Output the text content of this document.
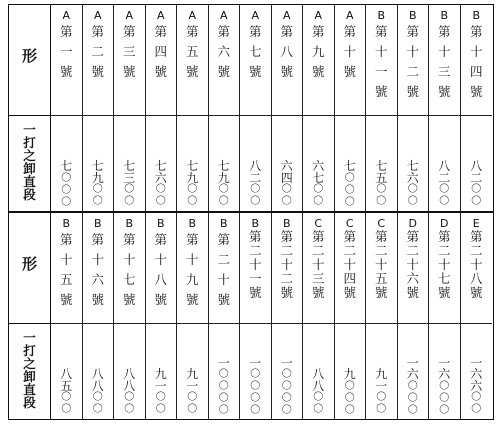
形
一
打
之
卸
直
段
A
第
一
號
七
〇
〇
〇
A
第
二
號
七
九
〇
〇
A
第
三
號
七
三
〇
〇
A
第
四
號
七
六
〇
〇
A
第
五
號
七
九
〇
〇
A
第
六
號
七
九
〇
〇
A
第
七
號
八
二
〇
〇
A
第
八
號
六
四
〇
〇
A
第
九
號
六
七
〇
〇
A
第
十
號
七
〇
〇
〇
B
第
十
一
號
七
五
〇
〇
B
第
十
二
號
七
六
〇
〇
B
第
十
三
號
八
二
〇
〇
B
第
十
四
號
八
二
〇
〇
形
一
打
之
卸
直
段
B
第
十
五
號
八
五
〇
〇
B
第
十
六
號
八
八
〇
〇
B
第
十
七
號
八
八
〇
〇
B
第
十
八
號
九
一
〇
〇
B
第
十
九
號
九
一
〇
〇
B
第
二
十
號
一
〇
〇
〇
〇
B
第
二
十
一
號
一
〇
〇
〇
〇
B
第
二
十
二
號
一
〇
〇
〇
〇
C
第
二
十
三
號
八
八
〇
〇
C
第
二
十
四
號
九
〇
〇
〇
C
第
二
十
五
號
九
一
〇
〇
D
第
二
十
六
號
一
六
〇
〇
〇
D
第
二
十
七
號
一
六
〇
〇
〇
E
第
二
十
八
號
一
六
六
〇
〇
